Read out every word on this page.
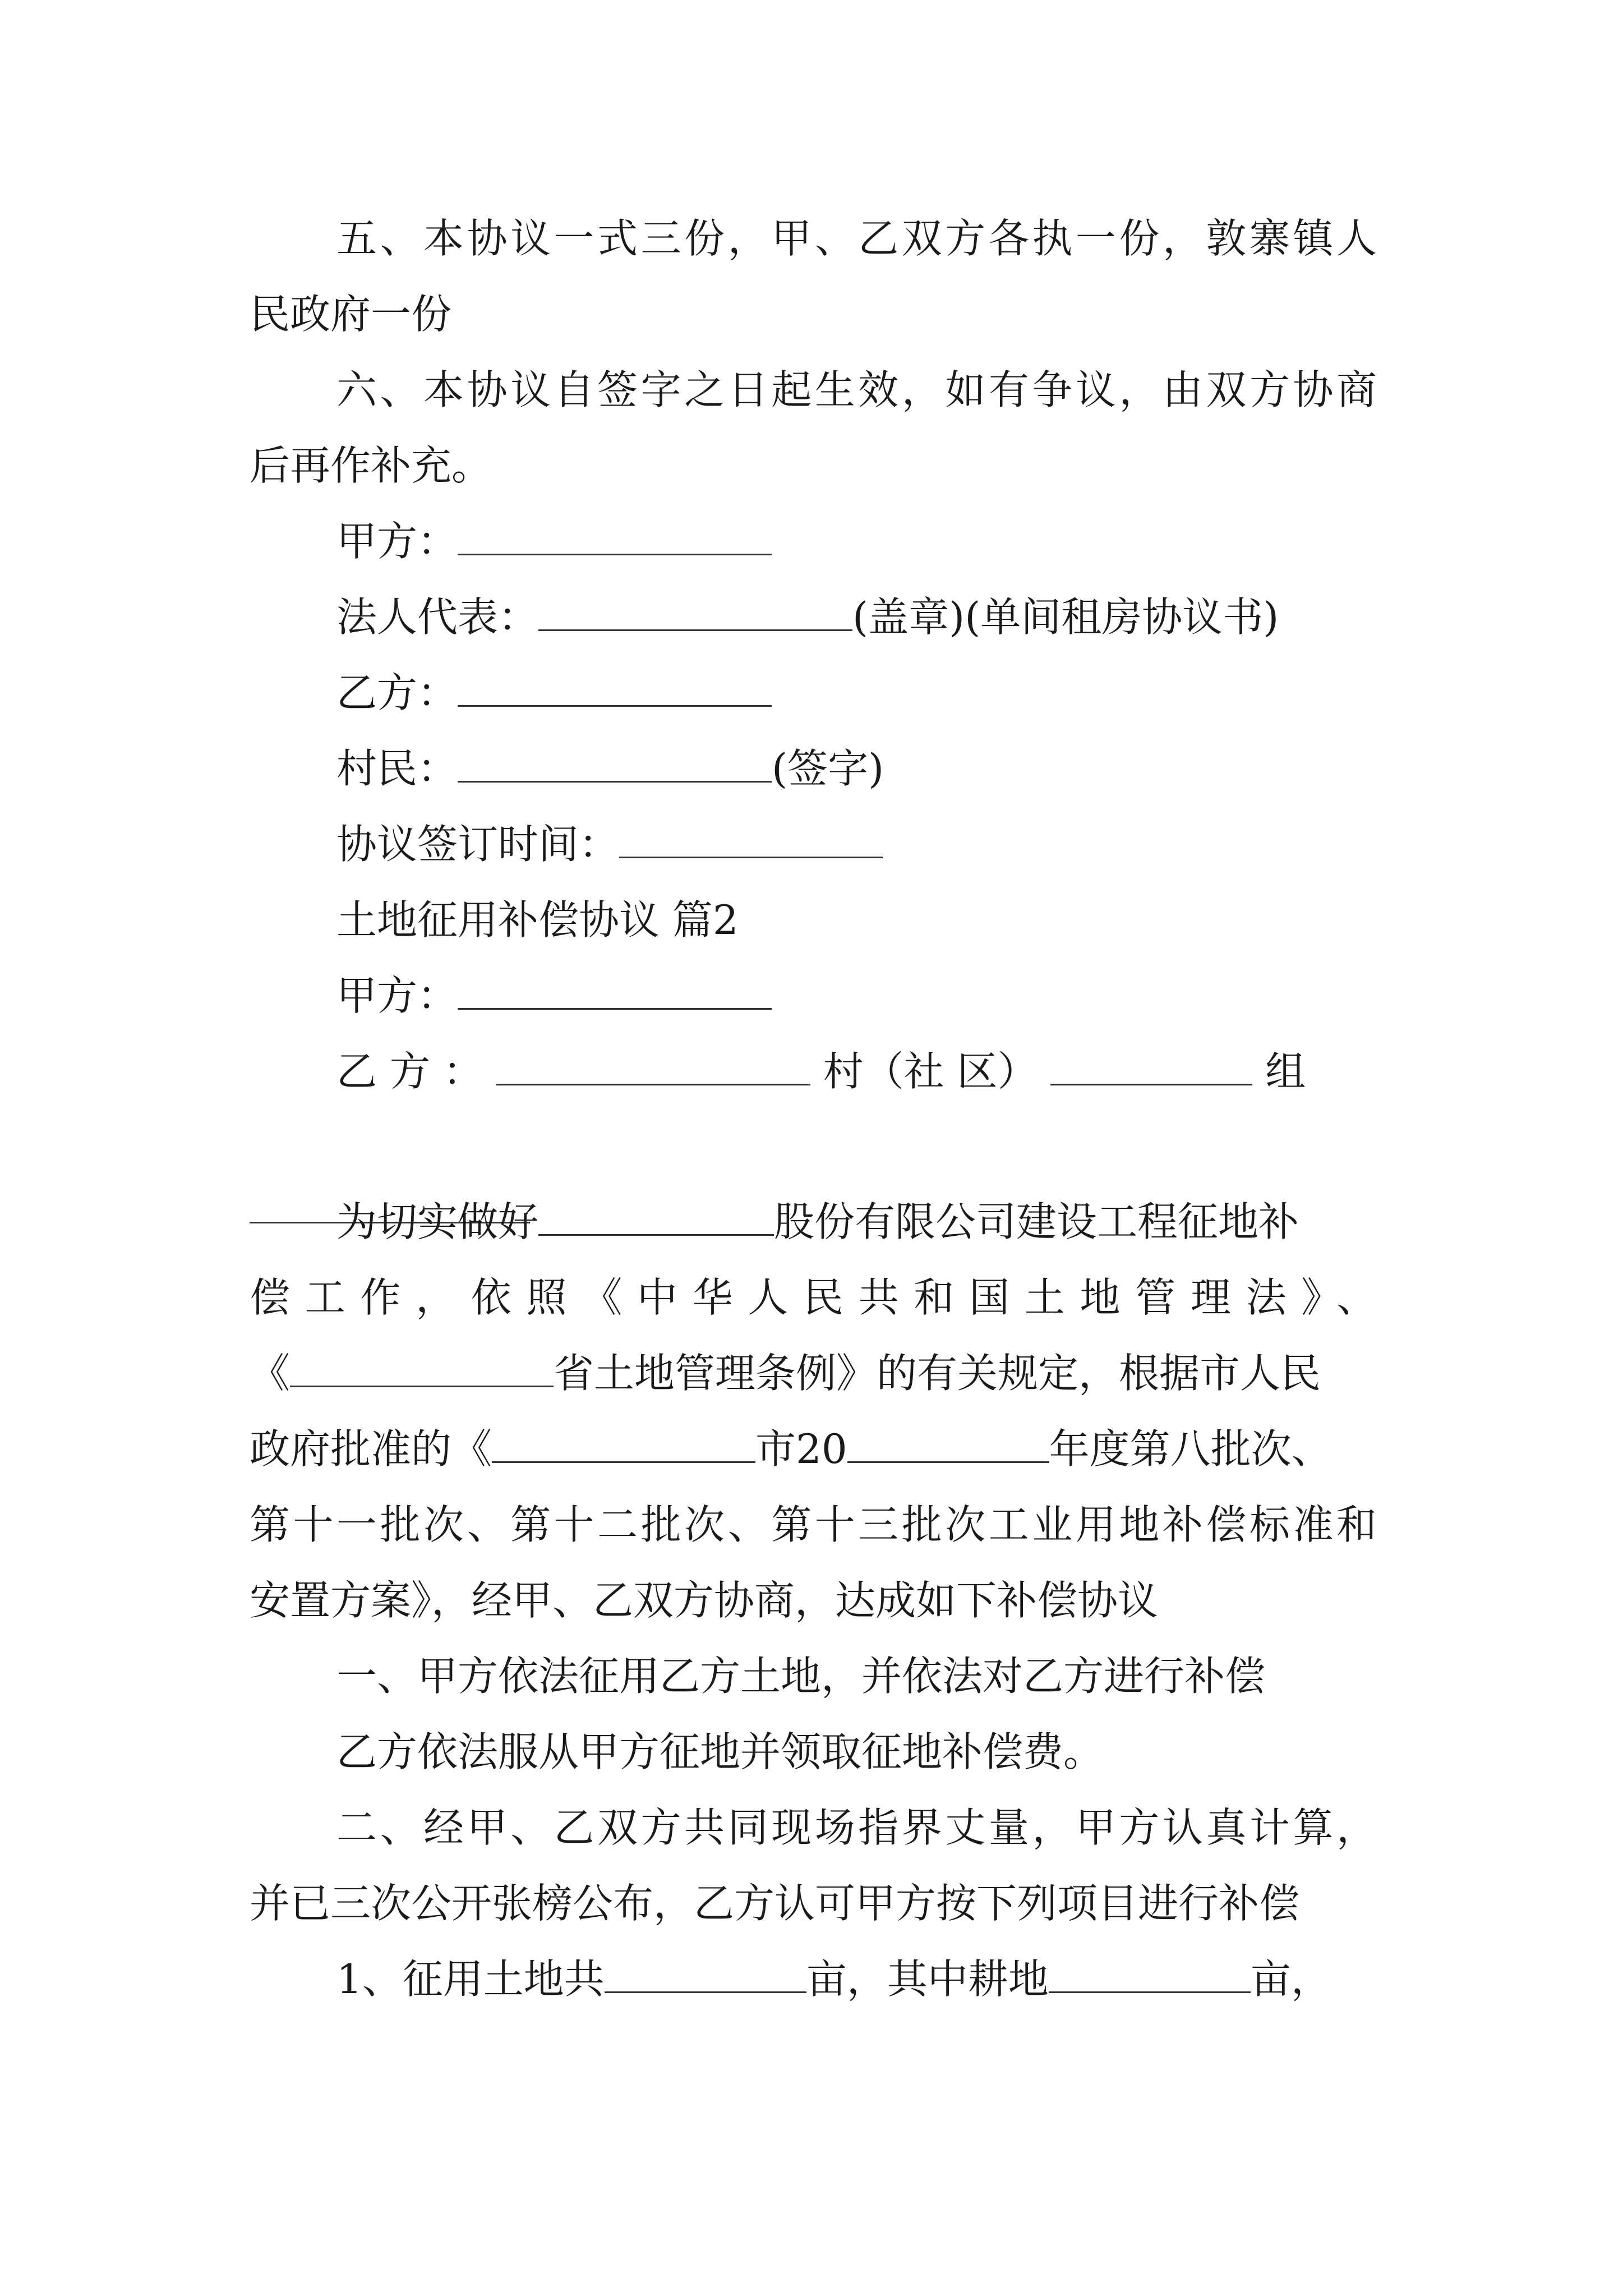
五、本协议一式三份，甲、乙双方各执一份，敦寨镇人
民政府一份
六、本协议自签字之日起生效，如有争议，由双方协商
后再作补充。
甲方：
法人代表：	(盖章)(单间租房协议书)
乙方：
村民：	(签字)
协议签订时间：
土地征用补偿协议 篇2
甲方：
乙 方 ：	村（社 区）	组
为切实做好	股份有限公司建设工程征地补
偿工作，依照《中华人民共和国土地管理法》、
《	省土地管理条例》的有关规定，根据市人民
政府批准的《	市20	年度第八批次、
第十一批次、第十二批次、第十三批次工业用地补偿标准和
安置方案》，经甲、乙双方协商，达成如下补偿协议
一、甲方依法征用乙方土地，并依法对乙方进行补偿
乙方依法服从甲方征地并领取征地补偿费。
二、经甲、乙双方共同现场指界丈量，甲方认真计算，
并已三次公开张榜公布，乙方认可甲方按下列项目进行补偿
1、征用土地共	亩，其中耕地	亩，
